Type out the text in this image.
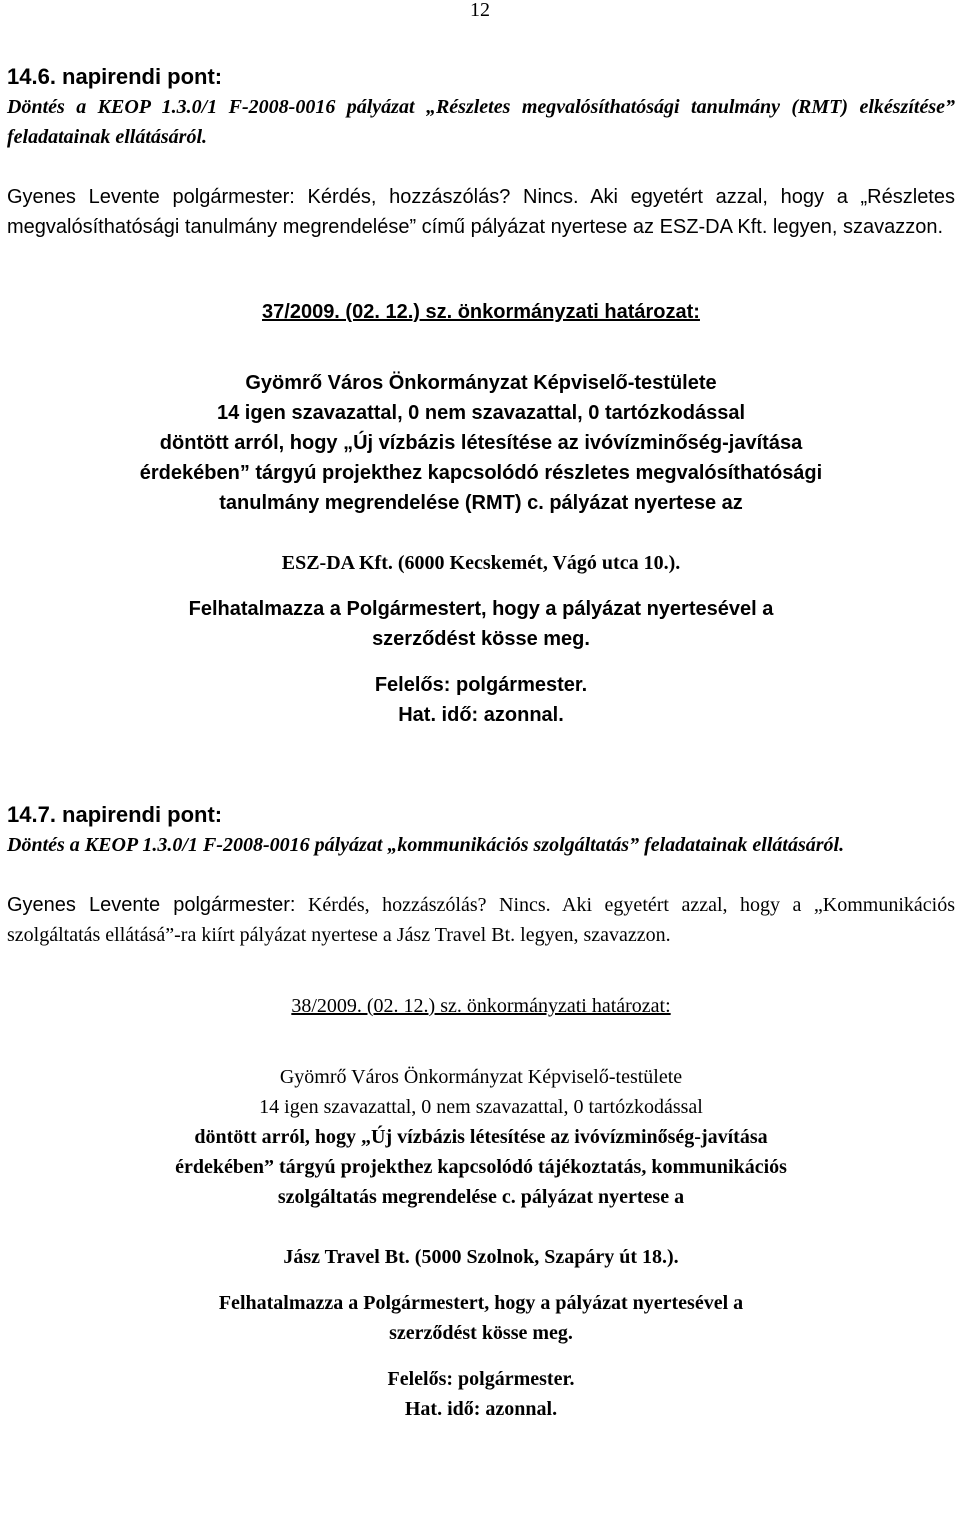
12
14.6. napirendi pont:
Döntés a KEOP 1.3.0/1 F-2008-0016 pályázat „Részletes megvalósíthatósági tanulmány (RMT) elkészítése” feladatainak ellátásáról.
Gyenes Levente polgármester: Kérdés, hozzászólás? Nincs. Aki egyetért azzal, hogy a „Részletes megvalósíthatósági tanulmány megrendelése” című pályázat nyertese az ESZ-DA Kft. legyen, szavazzon.
37/2009. (02. 12.) sz. önkormányzati határozat:
Gyömrő Város Önkormányzat Képviselő-testülete
14 igen szavazattal, 0 nem szavazattal, 0 tartózkodással
döntött arról, hogy „Új vízbázis létesítése az ivóvízminőség-javítása
érdekében” tárgyú projekthez kapcsolódó részletes megvalósíthatósági
tanulmány megrendelése (RMT) c. pályázat nyertese az
ESZ-DA Kft. (6000 Kecskemét, Vágó utca 10.).
Felhatalmazza a Polgármestert, hogy a pályázat nyertesével a
szerződést kösse meg.
Felelős: polgármester.
Hat. idő: azonnal.
14.7. napirendi pont:
Döntés a KEOP 1.3.0/1 F-2008-0016 pályázat „kommunikációs szolgáltatás” feladatainak ellátásáról.
Gyenes Levente polgármester: Kérdés, hozzászólás? Nincs. Aki egyetért azzal, hogy a „Kommunikációs szolgáltatás ellátásá”-ra kiírt pályázat nyertese a Jász Travel Bt. legyen, szavazzon.
38/2009. (02. 12.) sz. önkormányzati határozat:
Gyömrő Város Önkormányzat Képviselő-testülete
14 igen szavazattal, 0 nem szavazattal, 0 tartózkodással
döntött arról, hogy „Új vízbázis létesítése az ivóvízminőség-javítása
érdekében” tárgyú projekthez kapcsolódó tájékoztatás, kommunikációs
szolgáltatás megrendelése c. pályázat nyertese a
Jász Travel Bt. (5000 Szolnok, Szapáry út 18.).
Felhatalmazza a Polgármestert, hogy a pályázat nyertesével a
szerződést kösse meg.
Felelős: polgármester.
Hat. idő: azonnal.
